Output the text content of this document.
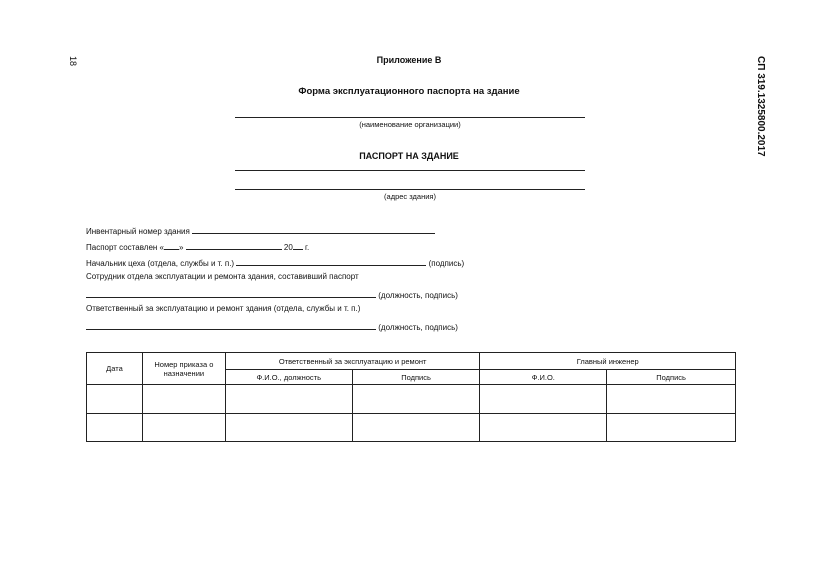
18	СП 319.1325800.2017
Приложение В
Форма эксплуатационного паспорта на здание
(наименование организации)
ПАСПОРТ НА ЗДАНИЕ
(адрес здания)
Инвентарный номер здания
Паспорт составлен « »	20 г.
Начальник цеха (отдела, службы и т. п.)	(подпись)
Сотрудник отдела эксплуатации и ремонта здания, составивший паспорт
(должность, подпись)
Ответственный за эксплуатацию и ремонт здания (отдела, службы и т. п.)
(должность, подпись)
Дата	Номер приказа о назначении	Ответственный за эксплуатацию и ремонт		Главный инженер	
		Ф.И.О., должность	Подпись	Ф.И.О.	Подпись
